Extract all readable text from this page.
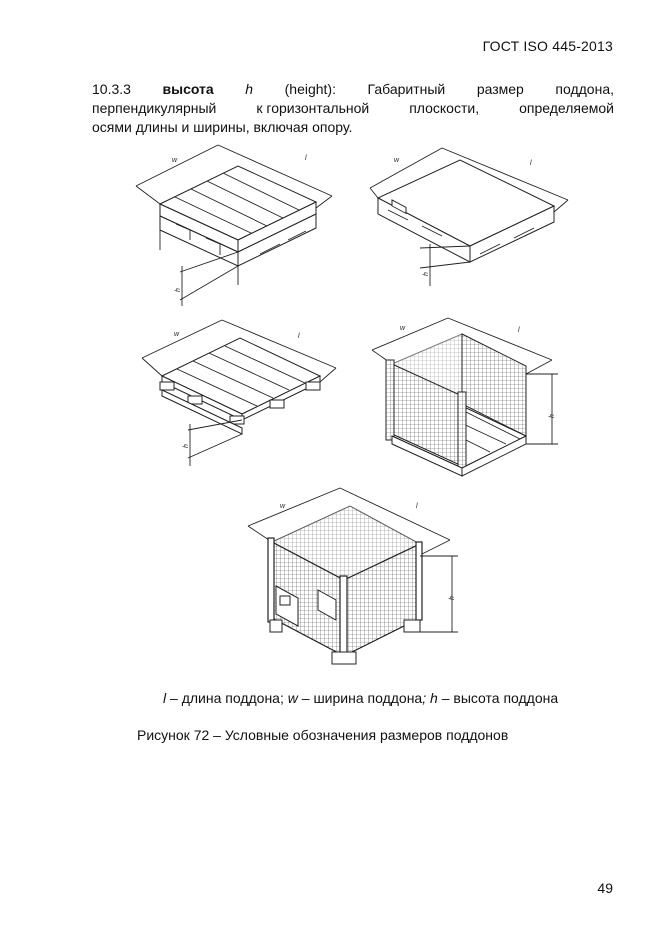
ГОСТ ISO 445-2013
10.3.3 высота h (height): Габаритный размер поддона,
перпендикулярный	к горизонтальной	плоскости,	определяемой
осями длины и ширины, включая опору.
w	l
h
w	l
h
w	l
h
w	l
h
w	l
h
l – длина поддона; w – ширина поддона; h – высота поддона
Рисунок 72 – Условные обозначения размеров поддонов
49
